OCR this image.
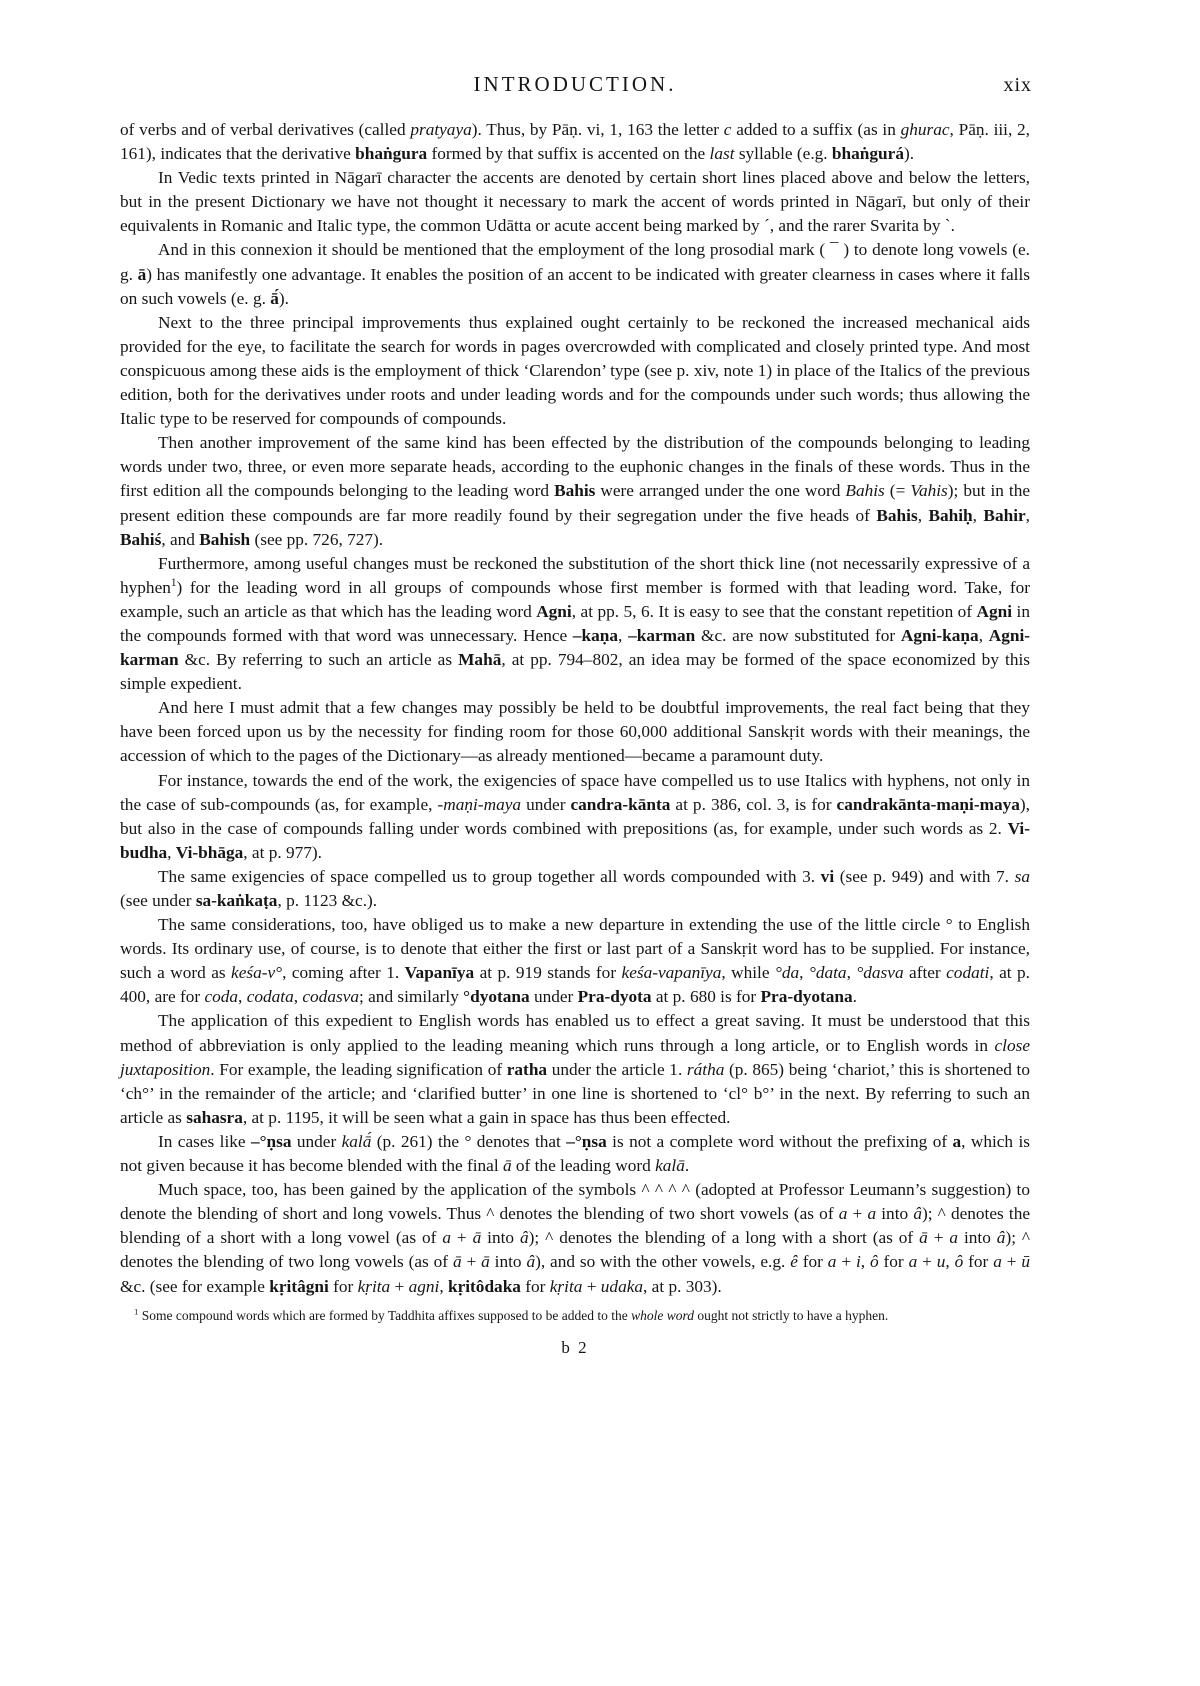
INTRODUCTION.	xix

of verbs and of verbal derivatives (called pratyaya). Thus, by Pāṇ. vi, 1, 163 the letter c added to a suffix (as in ghurac, Pāṇ. iii, 2, 161), indicates that the derivative bhaṅgura formed by that suffix is accented on the last syllable (e.g. bhaṅgurá).

In Vedic texts printed in Nāgarī character the accents are denoted by certain short lines placed above and below the letters, but in the present Dictionary we have not thought it necessary to mark the accent of words printed in Nāgarī, but only of their equivalents in Romanic and Italic type, the common Udātta or acute accent being marked by ´, and the rarer Svarita by `.

And in this connexion it should be mentioned that the employment of the long prosodial mark ( ¯ ) to denote long vowels (e. g. ā) has manifestly one advantage. It enables the position of an accent to be indicated with greater clearness in cases where it falls on such vowels (e. g. ā́).

Next to the three principal improvements thus explained ought certainly to be reckoned the increased mechanical aids provided for the eye, to facilitate the search for words in pages overcrowded with complicated and closely printed type. And most conspicuous among these aids is the employment of thick ‘Clarendon’ type (see p. xiv, note 1) in place of the Italics of the previous edition, both for the derivatives under roots and under leading words and for the compounds under such words; thus allowing the Italic type to be reserved for compounds of compounds.

Then another improvement of the same kind has been effected by the distribution of the compounds belonging to leading words under two, three, or even more separate heads, according to the euphonic changes in the finals of these words. Thus in the first edition all the compounds belonging to the leading word Bahis were arranged under the one word Bahis (= Vahis); but in the present edition these compounds are far more readily found by their segregation under the five heads of Bahis, Bahiḥ, Bahir, Bahiś, and Bahish (see pp. 726, 727).

Furthermore, among useful changes must be reckoned the substitution of the short thick line (not necessarily expressive of a hyphen$^1$) for the leading word in all groups of compounds whose first member is formed with that leading word. Take, for example, such an article as that which has the leading word Agni, at pp. 5, 6. It is easy to see that the constant repetition of Agni in the compounds formed with that word was unnecessary. Hence –kaṇa, –karman &c. are now substituted for Agni-kaṇa, Agni-karman &c. By referring to such an article as Mahā, at pp. 794–802, an idea may be formed of the space economized by this simple expedient.

And here I must admit that a few changes may possibly be held to be doubtful improvements, the real fact being that they have been forced upon us by the necessity for finding room for those 60,000 additional Sanskṛit words with their meanings, the accession of which to the pages of the Dictionary—as already mentioned—became a paramount duty.

For instance, towards the end of the work, the exigencies of space have compelled us to use Italics with hyphens, not only in the case of sub-compounds (as, for example, -maṇi-maya under candra-kānta at p. 386, col. 3, is for candrakānta-maṇi-maya), but also in the case of compounds falling under words combined with prepositions (as, for example, under such words as 2. Vi-budha, Vi-bhāga, at p. 977).

The same exigencies of space compelled us to group together all words compounded with 3. vi (see p. 949) and with 7. sa (see under sa-kaṅkaṭa, p. 1123 &c.).

The same considerations, too, have obliged us to make a new departure in extending the use of the little circle ° to English words. Its ordinary use, of course, is to denote that either the first or last part of a Sanskṛit word has to be supplied. For instance, such a word as keśa-v°, coming after 1. Vapanīya at p. 919 stands for keśa-vapanīya, while °da, °data, °dasva after codati, at p. 400, are for coda, codata, codasva; and similarly °dyotana under Pra-dyota at p. 680 is for Pra-dyotana.

The application of this expedient to English words has enabled us to effect a great saving. It must be understood that this method of abbreviation is only applied to the leading meaning which runs through a long article, or to English words in close juxtaposition. For example, the leading signification of ratha under the article 1. rátha (p. 865) being ‘chariot,’ this is shortened to ‘ch°’ in the remainder of the article; and ‘clarified butter’ in one line is shortened to ‘cl° b°’ in the next. By referring to such an article as sahasra, at p. 1195, it will be seen what a gain in space has thus been effected.

In cases like –°ṇsa under kalā́ (p. 261) the ° denotes that –°ṇsa is not a complete word without the prefixing of a, which is not given because it has become blended with the final ā of the leading word kalā.

Much space, too, has been gained by the application of the symbols ^ ^ ^ ^ (adopted at Professor Leumann’s suggestion) to denote the blending of short and long vowels. Thus ^ denotes the blending of two short vowels (as of a + a into â); ^ denotes the blending of a short with a long vowel (as of a + ā into â); ^ denotes the blending of a long with a short (as of ā + a into â); ^ denotes the blending of two long vowels (as of ā + ā into â), and so with the other vowels, e.g. ê for a + i, ô for a + u, ô for a + ū &c. (see for example kṛitâgni for kṛita + agni, kṛitôdaka for kṛita + udaka, at p. 303).

$^1$ Some compound words which are formed by Taddhita affixes supposed to be added to the whole word ought not strictly to have a hyphen.
b 2
